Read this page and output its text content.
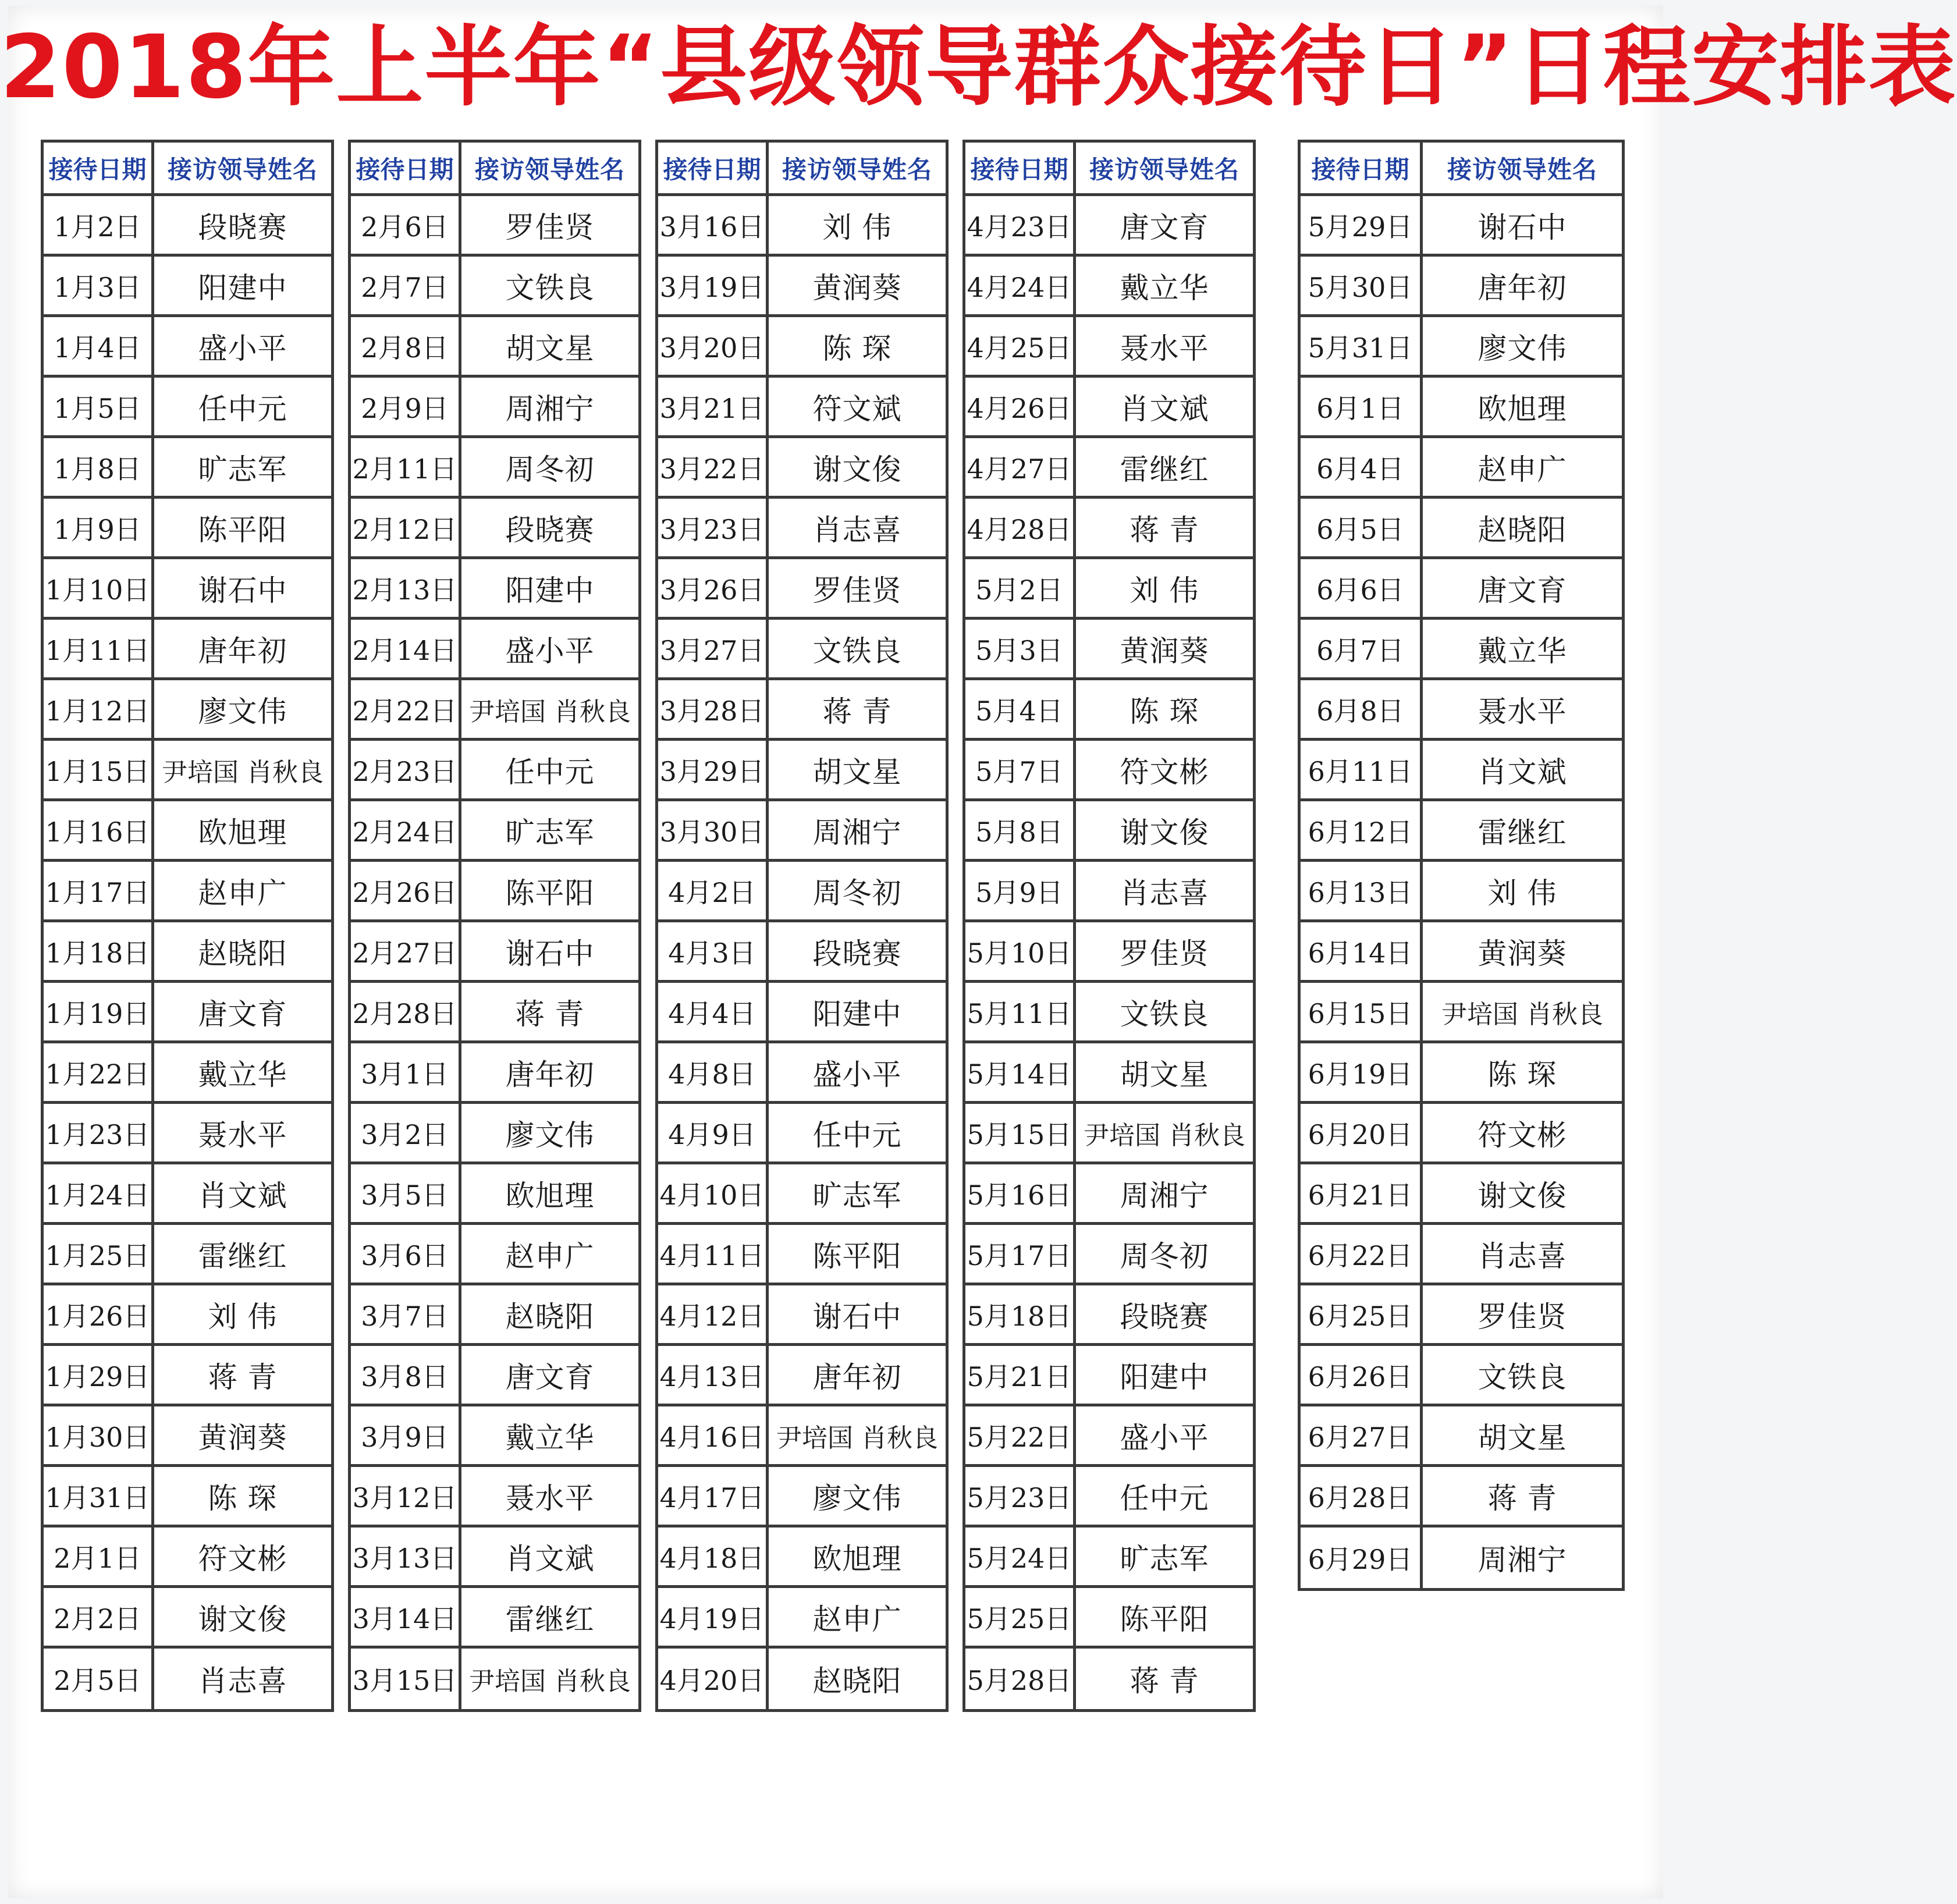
2018年上半年“县级领导群众接待日”日程安排表
接待日期 接访领导姓名
1月2日	段晓赛
1月3日	阳建中
1月4日	盛小平
1月5日	任中元
1月8日	旷志军
1月9日	陈平阳
1月10日	谢石中
1月11日	唐年初
1月12日	廖文伟
1月15日 尹培国 肖秋良
1月16日	欧旭理
1月17日	赵申广
1月18日	赵晓阳
1月19日	唐文育
1月22日	戴立华
1月23日	聂水平
1月24日	肖文斌
1月25日	雷继红
1月26日	刘 伟
1月29日	蒋 青
1月30日	黄润葵
1月31日	陈 琛
2月1日	符文彬
2月2日	谢文俊
2月5日	肖志喜
接待日期 接访领导姓名
2月6日	罗佳贤
2月7日	文铁良
2月8日	胡文星
2月9日	周湘宁
2月11日	周冬初
2月12日	段晓赛
2月13日	阳建中
2月14日	盛小平
2月22日 尹培国 肖秋良
2月23日	任中元
2月24日	旷志军
2月26日	陈平阳
2月27日	谢石中
2月28日	蒋 青
3月1日	唐年初
3月2日	廖文伟
3月5日	欧旭理
3月6日	赵申广
3月7日	赵晓阳
3月8日	唐文育
3月9日	戴立华
3月12日	聂水平
3月13日	肖文斌
3月14日	雷继红
3月15日 尹培国 肖秋良
接待日期 接访领导姓名
3月16日	刘 伟
3月19日	黄润葵
3月20日	陈 琛
3月21日	符文斌
3月22日	谢文俊
3月23日	肖志喜
3月26日	罗佳贤
3月27日	文铁良
3月28日	蒋 青
3月29日	胡文星
3月30日	周湘宁
4月2日	周冬初
4月3日	段晓赛
4月4日	阳建中
4月8日	盛小平
4月9日	任中元
4月10日	旷志军
4月11日	陈平阳
4月12日	谢石中
4月13日	唐年初
4月16日 尹培国 肖秋良
4月17日	廖文伟
4月18日	欧旭理
4月19日	赵申广
4月20日	赵晓阳
接待日期 接访领导姓名
4月23日	唐文育
4月24日	戴立华
4月25日	聂水平
4月26日	肖文斌
4月27日	雷继红
4月28日	蒋 青
5月2日	刘 伟
5月3日	黄润葵
5月4日	陈 琛
5月7日	符文彬
5月8日	谢文俊
5月9日	肖志喜
5月10日	罗佳贤
5月11日	文铁良
5月14日	胡文星
5月15日 尹培国 肖秋良
5月16日	周湘宁
5月17日	周冬初
5月18日	段晓赛
5月21日	阳建中
5月22日	盛小平
5月23日	任中元
5月24日	旷志军
5月25日	陈平阳
5月28日	蒋 青
接待日期	接访领导姓名
5月29日	谢石中
5月30日	唐年初
5月31日	廖文伟
6月1日	欧旭理
6月4日	赵申广
6月5日	赵晓阳
6月6日	唐文育
6月7日	戴立华
6月8日	聂水平
6月11日	肖文斌
6月12日	雷继红
6月13日	刘 伟
6月14日	黄润葵
6月15日	尹培国 肖秋良
6月19日	陈 琛
6月20日	符文彬
6月21日	谢文俊
6月22日	肖志喜
6月25日	罗佳贤
6月26日	文铁良
6月27日	胡文星
6月28日	蒋 青
6月29日	周湘宁
